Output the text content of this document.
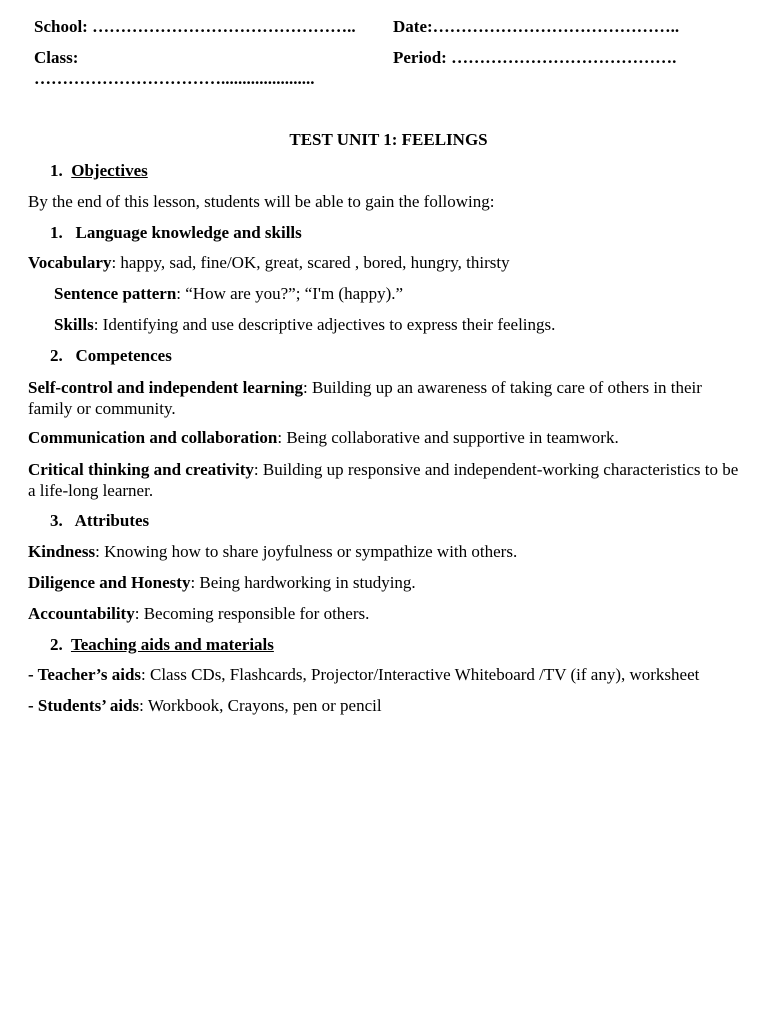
School: ……………………………………….. Date:……………………………………..
Class:	Period: ………………………………….
……………………………......................
TEST UNIT 1: FEELINGS
1. Objectives
By the end of this lesson, students will be able to gain the following:
1. Language knowledge and skills
Vocabulary: happy, sad, fine/OK, great, scared , bored, hungry, thirsty
Sentence pattern: “How are you?”; “I'm (happy).”
Skills: Identifying and use descriptive adjectives to express their feelings.
2. Competences
Self-control and independent learning: Building up an awareness of taking care of others in their family or community.
Communication and collaboration: Being collaborative and supportive in teamwork.
Critical thinking and creativity: Building up responsive and independent-working characteristics to be a life-long learner.
3. Attributes
Kindness: Knowing how to share joyfulness or sympathize with others.
Diligence and Honesty: Being hardworking in studying.
Accountability: Becoming responsible for others.
2. Teaching aids and materials
- Teacher’s aids: Class CDs, Flashcards, Projector/Interactive Whiteboard /TV (if any), worksheet
- Students’ aids: Workbook, Crayons, pen or pencil
